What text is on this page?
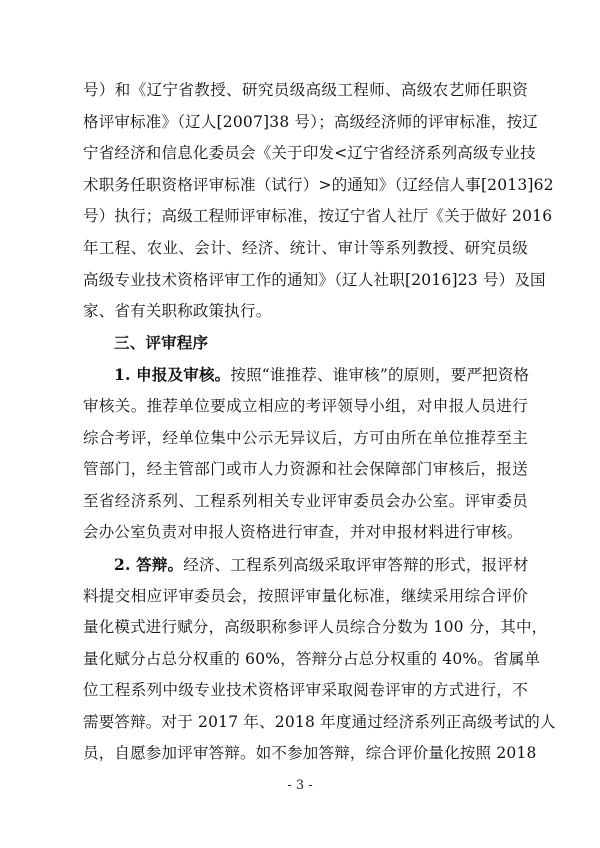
号）和《辽宁省教授、研究员级高级工程师、高级农艺师任职资
格评审标准》（辽人[2007]38 号）；高级经济师的评审标准，按辽
宁省经济和信息化委员会《关于印发<辽宁省经济系列高级专业技
术职务任职资格评审标准（试行）>的通知》（辽经信人事[2013]62
号）执行；高级工程师评审标准，按辽宁省人社厅《关于做好 2016
年工程、农业、会计、经济、统计、审计等系列教授、研究员级
高级专业技术资格评审工作的通知》（辽人社职[2016]23 号）及国
家、省有关职称政策执行。
三、评审程序
1. 申报及审核。按照“谁推荐、谁审核”的原则，要严把资格
审核关。推荐单位要成立相应的考评领导小组，对申报人员进行
综合考评，经单位集中公示无异议后，方可由所在单位推荐至主
管部门，经主管部门或市人力资源和社会保障部门审核后，报送
至省经济系列、工程系列相关专业评审委员会办公室。评审委员
会办公室负责对申报人资格进行审查，并对申报材料进行审核。
2. 答辩。经济、工程系列高级采取评审答辩的形式，报评材
料提交相应评审委员会，按照评审量化标准，继续采用综合评价
量化模式进行赋分，高级职称参评人员综合分数为 100 分，其中，
量化赋分占总分权重的 60%，答辩分占总分权重的 40%。省属单
位工程系列中级专业技术资格评审采取阅卷评审的方式进行，不
需要答辩。对于 2017 年、2018 年度通过经济系列正高级考试的人
员，自愿参加评审答辩。如不参加答辩，综合评价量化按照 2018
- 3 -
